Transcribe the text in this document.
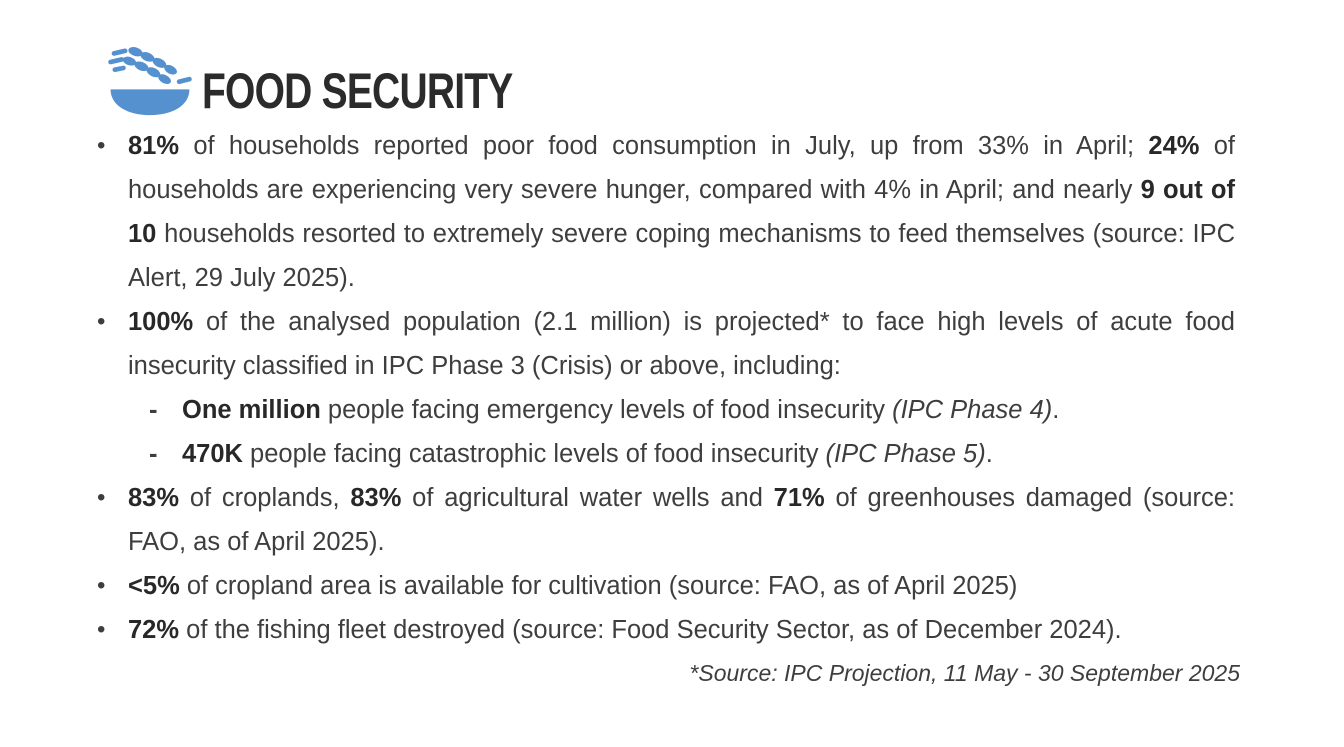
FOOD SECURITY
• 81% of households reported poor food consumption in July, up from 33% in April; 24% of households are experiencing very severe hunger, compared with 4% in April; and nearly 9 out of 10 households resorted to extremely severe coping mechanisms to feed themselves (source: IPC Alert, 29 July 2025).
• 100% of the analysed population (2.1 million) is projected* to face high levels of acute food insecurity classified in IPC Phase 3 (Crisis) or above, including:
- One million people facing emergency levels of food insecurity (IPC Phase 4).
- 470K people facing catastrophic levels of food insecurity (IPC Phase 5).
• 83% of croplands, 83% of agricultural water wells and 71% of greenhouses damaged (source: FAO, as of April 2025).
• <5% of cropland area is available for cultivation (source: FAO, as of April 2025)
• 72% of the fishing fleet destroyed (source: Food Security Sector, as of December 2024).
*Source: IPC Projection, 11 May - 30 September 2025
